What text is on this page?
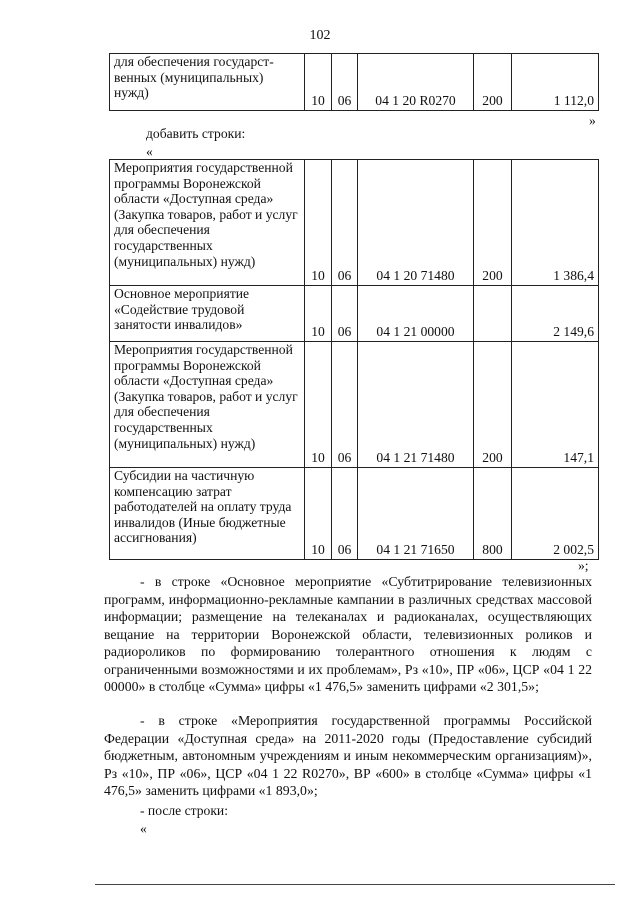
102
для обеспечения государст-венных (муниципальных) нужд)	10	06	04 1 20 R0270	200	1 112,0
»
добавить строки:
«
Мероприятия государственной программы Воронежской области «Доступная среда» (Закупка товаров, работ и услуг для обеспечения государственных (муниципальных) нужд)	10	06	04 1 20 71480	200	1 386,4
Основное мероприятие «Содействие трудовой занятости инвалидов»	10	06	04 1 21 00000		2 149,6
Мероприятия государственной программы Воронежской области «Доступная среда» (Закупка товаров, работ и услуг для обеспечения государственных (муниципальных) нужд)	10	06	04 1 21 71480	200	147,1
Субсидии на частичную компенсацию затрат работодателей на оплату труда инвалидов (Иные бюджетные ассигнования)	10	06	04 1 21 71650	800	2 002,5
»;

- в строке «Основное мероприятие «Субтитрирование телевизионных программ, информационно-рекламные кампании в различных средствах массовой информации; размещение на телеканалах и радиоканалах, осуществляющих вещание на территории Воронежской области, телевизионных роликов и радиороликов по формированию толерантного отношения к людям с ограниченными возможностями и их проблемам», Рз «10», ПР «06», ЦСР «04 1 22 00000» в столбце «Сумма» цифры «1 476,5» заменить цифрами «2 301,5»;

- в строке «Мероприятия государственной программы Российской Федерации «Доступная среда» на 2011-2020 годы (Предоставление субсидий бюджетным, автономным учреждениям и иным некоммерческим организациям)», Рз «10», ПР «06», ЦСР «04 1 22 R0270», ВР «600» в столбце «Сумма» цифры «1 476,5» заменить цифрами «1 893,0»;

- после строки:
«
